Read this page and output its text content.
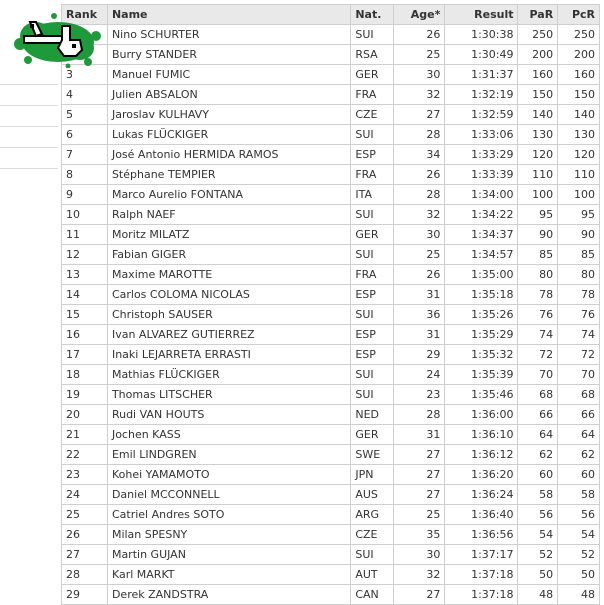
Rank	Name	Nat.	Age*	Result	PaR	PcR
	Nino SCHURTER	SUI	26	1:30:38	250	250
	Burry STANDER	RSA	25	1:30:49	200	200
3	Manuel FUMIC	GER	30	1:31:37	160	160
4	Julien ABSALON	FRA	32	1:32:19	150	150
5	Jaroslav KULHAVY	CZE	27	1:32:59	140	140
6	Lukas FLÜCKIGER	SUI	28	1:33:06	130	130
7	José Antonio HERMIDA RAMOS	ESP	34	1:33:29	120	120
8	Stéphane TEMPIER	FRA	26	1:33:39	110	110
9	Marco Aurelio FONTANA	ITA	28	1:34:00	100	100
10	Ralph NAEF	SUI	32	1:34:22	95	95
11	Moritz MILATZ	GER	30	1:34:37	90	90
12	Fabian GIGER	SUI	25	1:34:57	85	85
13	Maxime MAROTTE	FRA	26	1:35:00	80	80
14	Carlos COLOMA NICOLAS	ESP	31	1:35:18	78	78
15	Christoph SAUSER	SUI	36	1:35:26	76	76
16	Ivan ALVAREZ GUTIERREZ	ESP	31	1:35:29	74	74
17	Inaki LEJARRETA ERRASTI	ESP	29	1:35:32	72	72
18	Mathias FLÜCKIGER	SUI	24	1:35:39	70	70
19	Thomas LITSCHER	SUI	23	1:35:46	68	68
20	Rudi VAN HOUTS	NED	28	1:36:00	66	66
21	Jochen KASS	GER	31	1:36:10	64	64
22	Emil LINDGREN	SWE	27	1:36:12	62	62
23	Kohei YAMAMOTO	JPN	27	1:36:20	60	60
24	Daniel MCCONNELL	AUS	27	1:36:24	58	58
25	Catriel Andres SOTO	ARG	25	1:36:40	56	56
26	Milan SPESNY	CZE	35	1:36:56	54	54
27	Martin GUJAN	SUI	30	1:37:17	52	52
28	Karl MARKT	AUT	32	1:37:18	50	50
29	Derek ZANDSTRA	CAN	27	1:37:18	48	48
